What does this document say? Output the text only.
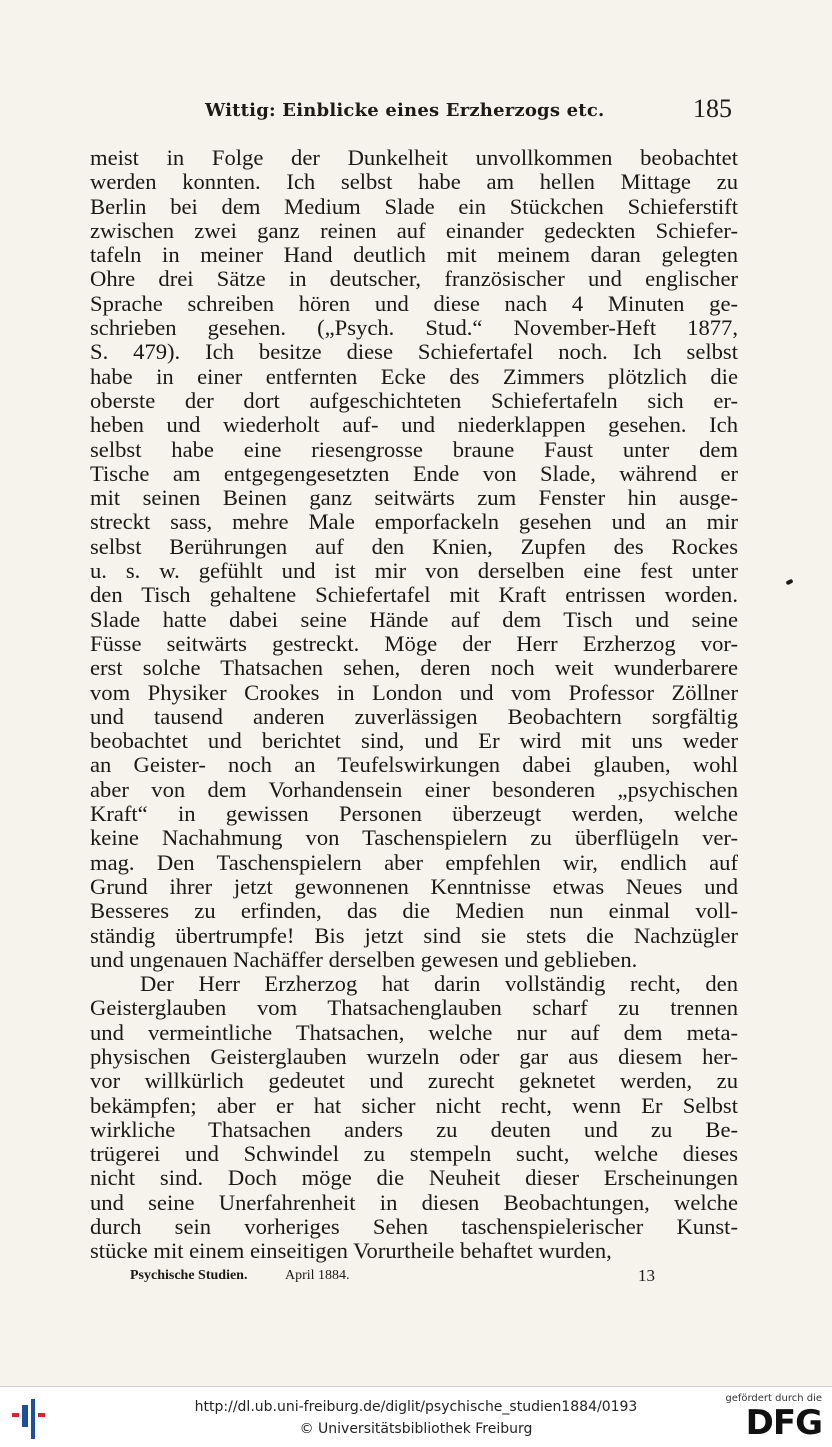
Wittig: Einblicke eines Erzherzogs etc.	185
meist in Folge der Dunkelheit unvollkommen beobachtet
werden konnten. Ich selbst habe am hellen Mittage zu
Berlin bei dem Medium Slade ein Stückchen Schieferstift
zwischen zwei ganz reinen auf einander gedeckten Schiefer-
tafeln in meiner Hand deutlich mit meinem daran gelegten
Ohre drei Sätze in deutscher, französischer und englischer
Sprache schreiben hören und diese nach 4 Minuten ge-
schrieben gesehen. („Psych. Stud.“ November-Heft 1877,
S. 479). Ich besitze diese Schiefertafel noch. Ich selbst
habe in einer entfernten Ecke des Zimmers plötzlich die
oberste der dort aufgeschichteten Schiefertafeln sich er-
heben und wiederholt auf- und niederklappen gesehen. Ich
selbst habe eine riesengrosse braune Faust unter dem
Tische am entgegengesetzten Ende von Slade, während er
mit seinen Beinen ganz seitwärts zum Fenster hin ausge-
streckt sass, mehre Male emporfackeln gesehen und an mir
selbst Berührungen auf den Knien, Zupfen des Rockes
u. s. w. gefühlt und ist mir von derselben eine fest unter
den Tisch gehaltene Schiefertafel mit Kraft entrissen worden.
Slade hatte dabei seine Hände auf dem Tisch und seine
Füsse seitwärts gestreckt. Möge der Herr Erzherzog vor-
erst solche Thatsachen sehen, deren noch weit wunderbarere
vom Physiker Crookes in London und vom Professor Zöllner
und tausend anderen zuverlässigen Beobachtern sorgfältig
beobachtet und berichtet sind, und Er wird mit uns weder
an Geister- noch an Teufelswirkungen dabei glauben, wohl
aber von dem Vorhandensein einer besonderen „psychischen
Kraft“ in gewissen Personen überzeugt werden, welche
keine Nachahmung von Taschenspielern zu überflügeln ver-
mag. Den Taschenspielern aber empfehlen wir, endlich auf
Grund ihrer jetzt gewonnenen Kenntnisse etwas Neues und
Besseres zu erfinden, das die Medien nun einmal voll-
ständig übertrumpfe! Bis jetzt sind sie stets die Nachzügler
und ungenauen Nachäffer derselben gewesen und geblieben.
Der Herr Erzherzog hat darin vollständig recht, den
Geisterglauben vom Thatsachenglauben scharf zu trennen
und vermeintliche Thatsachen, welche nur auf dem meta-
physischen Geisterglauben wurzeln oder gar aus diesem her-
vor willkürlich gedeutet und zurecht geknetet werden, zu
bekämpfen; aber er hat sicher nicht recht, wenn Er Selbst
wirkliche Thatsachen anders zu deuten und zu Be-
trügerei und Schwindel zu stempeln sucht, welche dieses
nicht sind. Doch möge die Neuheit dieser Erscheinungen
und seine Unerfahrenheit in diesen Beobachtungen, welche
durch sein vorheriges Sehen taschenspielerischer Kunst-
stücke mit einem einseitigen Vorurtheile behaftet wurden,
Psychische Studien.	April 1884.	13
http://dl.ub.uni-freiburg.de/diglit/psychische_studien1884/0193
© Universitätsbibliothek Freiburg
gefördert durch die
DFG
